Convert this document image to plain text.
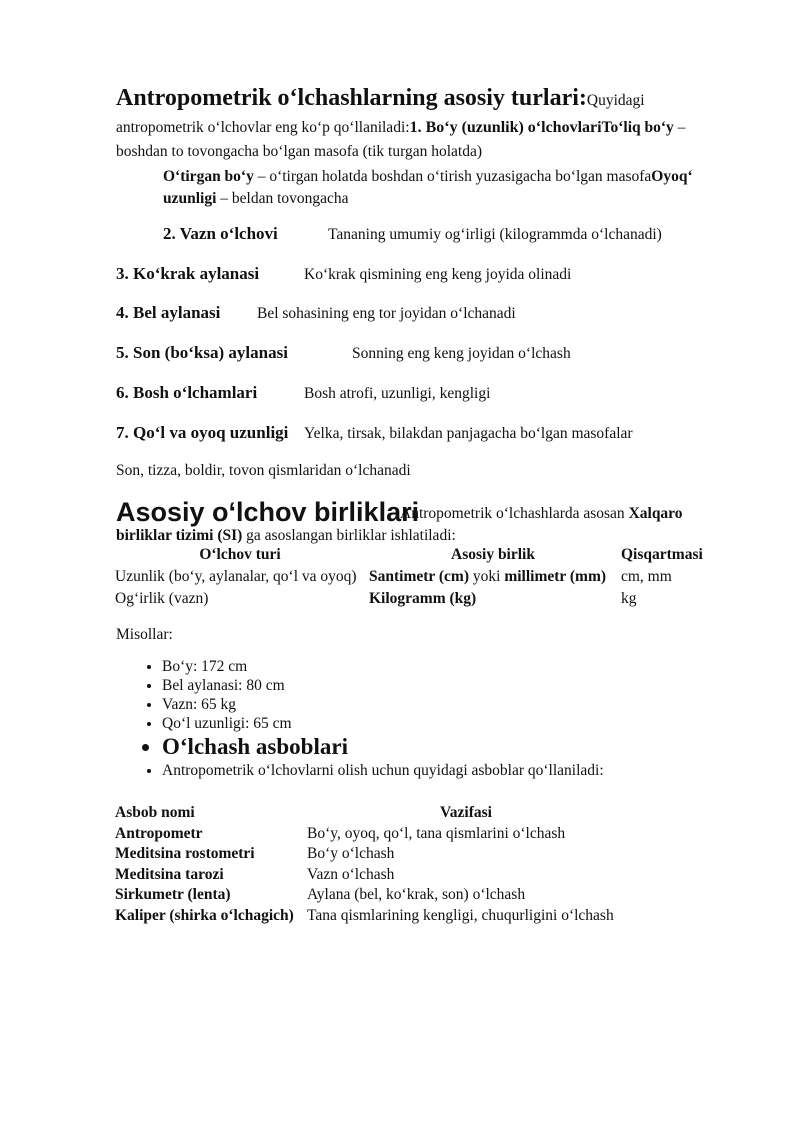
Antropometrik o‘lchashlarning asosiy turlari:Quyidagi antropometrik o‘lchovlar eng ko‘p qo‘llaniladi:1. Bo‘y (uzunlik) o‘lchovlariTo‘liq bo‘y – boshdan to tovongacha bo‘lgan masofa (tik turgan holatda)
O‘tirgan bo‘y – o‘tirgan holatda boshdan o‘tirish yuzasigacha bo‘lgan masofaOyoq‘ uzunligi – beldan tovongacha
2. Vazn o‘lchovi	Tananing umumiy og‘irligi (kilogrammda o‘lchanadi)
3. Ko‘krak aylanasi	Ko‘krak qismining eng keng joyida olinadi
4. Bel aylanasi Bel sohasining eng tor joyidan o‘lchanadi
5. Son (bo‘ksa) aylanasi	Sonning eng keng joyidan o‘lchash
6. Bosh o‘lchamlari	Bosh atrofi, uzunligi, kengligi
7. Qo‘l va oyoq uzunligi Yelka, tirsak, bilakdan panjagacha bo‘lgan masofalar
Son, tizza, boldir, tovon qismlaridan o‘lchanadi
Antropometrik o‘lchashlarda asosan Xalqaro birliklar tizimi (SI) ga asoslangan birliklar ishlatiladi:
Asosiy o‘lchov birliklari
O‘lchov turi	Asosiy birlik	Qisqartmasi
Uzunlik (bo‘y, aylanalar, qo‘l va oyoq)	Santimetr (cm) yoki millimetr (mm)	cm, mm
Og‘irlik (vazn)	Kilogramm (kg)	kg
Misollar:
• Bo‘y: 172 cm
• Bel aylanasi: 80 cm
• Vazn: 65 kg
• Qo‘l uzunligi: 65 cm
• O‘lchash asboblari
• Antropometrik o‘lchovlarni olish uchun quyidagi asboblar qo‘llaniladi:
Asbob nomi	Vazifasi
Antropometr	Bo‘y, oyoq, qo‘l, tana qismlarini o‘lchash
Meditsina rostometri	Bo‘y o‘lchash
Meditsina tarozi	Vazn o‘lchash
Sirkumetr (lenta)	Aylana (bel, ko‘krak, son) o‘lchash
Kaliper (shirka o‘lchagich)	Tana qismlarining kengligi, chuqurligini o‘lchash
